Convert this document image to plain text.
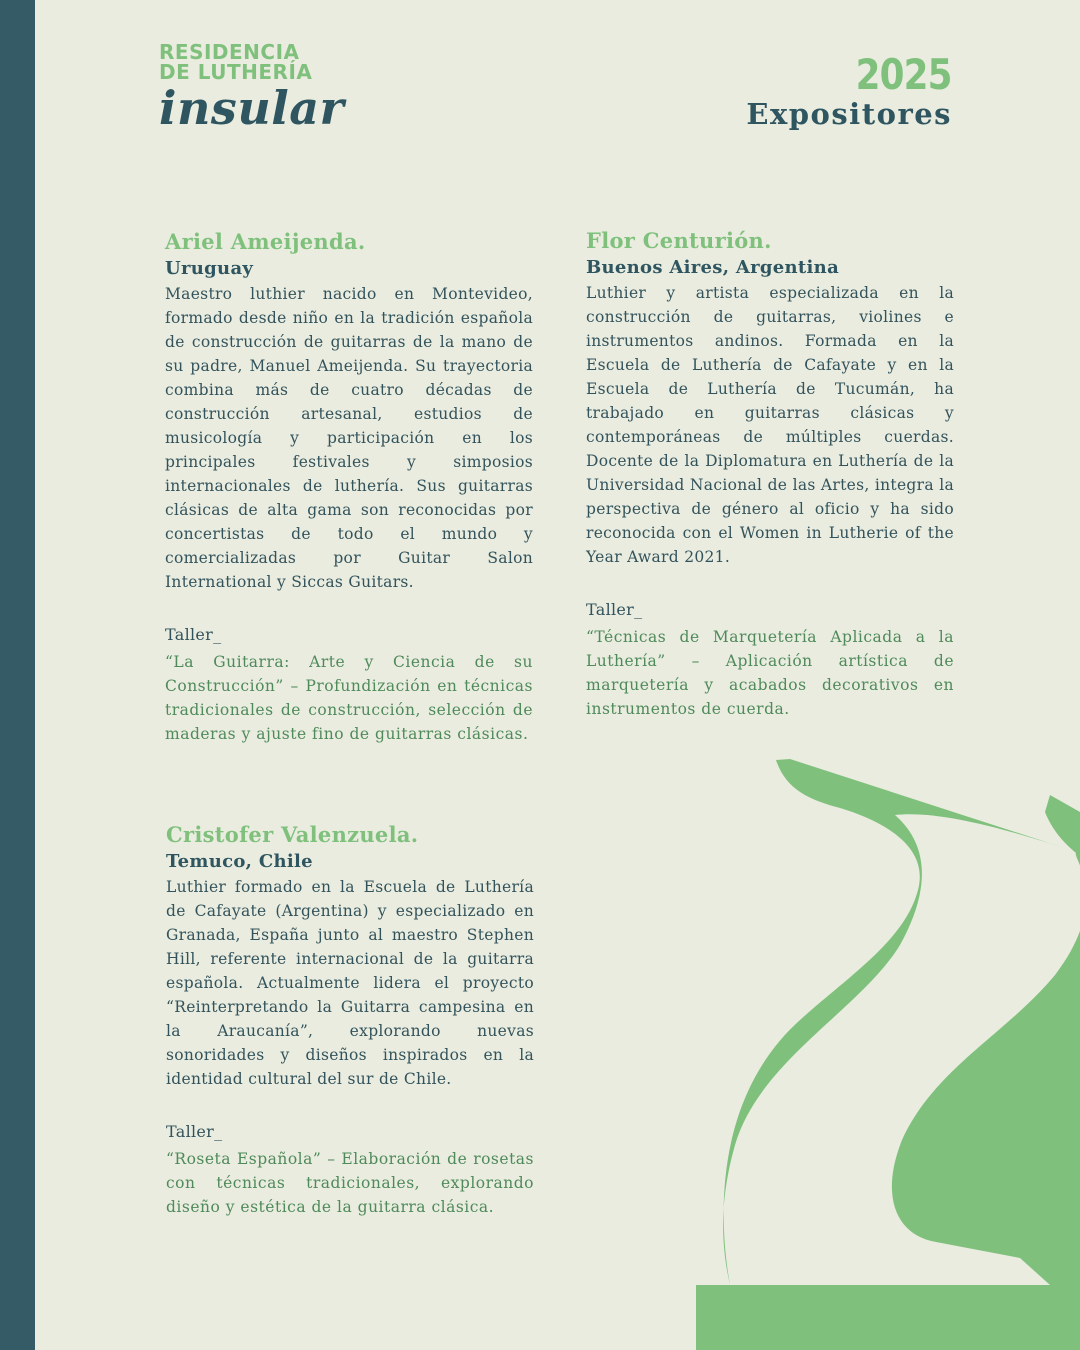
RESIDENCIA
DE LUTHERÍA
insular
2025
Expositores
Ariel Ameijenda.
Uruguay

Maestro luthier nacido en Montevideo, formado desde niño en la tradición española de construcción de guitarras de la mano de su padre, Manuel Ameijenda. Su trayectoria combina más de cuatro décadas de construcción artesanal, estudios de musicología y participación en los principales festivales y simposios internacionales de luthería. Sus guitarras clásicas de alta gama son reconocidas por concertistas de todo el mundo y comercializadas por Guitar Salon International y Siccas Guitars.

Taller_

“La Guitarra: Arte y Ciencia de su Construcción” – Profundización en técnicas tradicionales de construcción, selección de maderas y ajuste fino de guitarras clásicas.

Flor Centurión.
Buenos Aires, Argentina

Luthier y artista especializada en la construcción de guitarras, violines e instrumentos andinos. Formada en la Escuela de Luthería de Cafayate y en la Escuela de Luthería de Tucumán, ha trabajado en guitarras clásicas y contemporáneas de múltiples cuerdas. Docente de la Diplomatura en Luthería de la Universidad Nacional de las Artes, integra la perspectiva de género al oficio y ha sido reconocida con el Women in Lutherie of the Year Award 2021.

Taller_

“Técnicas de Marquetería Aplicada a la Luthería” – Aplicación artística de marquetería y acabados decorativos en instrumentos de cuerda.

Cristofer Valenzuela.
Temuco, Chile

Luthier formado en la Escuela de Luthería de Cafayate (Argentina) y especializado en Granada, España junto al maestro Stephen Hill, referente internacional de la guitarra española. Actualmente lidera el proyecto “Reinterpretando la Guitarra campesina en la Araucanía”, explorando nuevas sonoridades y diseños inspirados en la identidad cultural del sur de Chile.

Taller_

“Roseta Española” – Elaboración de rosetas con técnicas tradicionales, explorando diseño y estética de la guitarra clásica.
